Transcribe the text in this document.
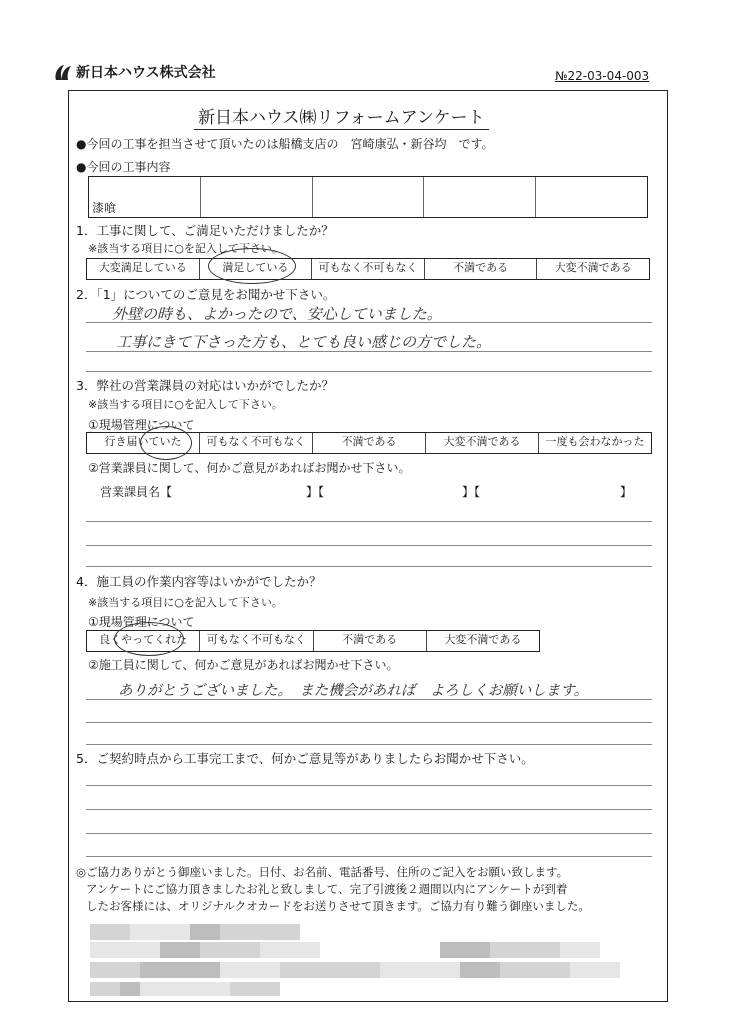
新日本ハウス株式会社	№22-03-04-003
新日本ハウス㈱リフォームアンケート
●今回の工事を担当させて頂いたのは船橋支店の　宮崎康弘・新谷均　です。
●今回の工事内容
漆喰
1．工事に関して、ご満足いただけましたか？
※該当する項目に○を記入して下さい。
大変満足している	満足している	可もなく不可もなく	不満である	大変不満である
2．「1」についてのご意見をお聞かせ下さい。
外壁の時も、よかったので、安心していました。
工事にきて下さった方も、とても良い感じの方でした。
3．弊社の営業課員の対応はいかがでしたか？
※該当する項目に○を記入して下さい。
①現場管理について
行き届いていた	可もなく不可もなく	不満である	大変不満である	一度も会わなかった
②営業課員に関して、何かご意見があればお聞かせ下さい。
営業課員名【	】【	】【	】
4．施工員の作業内容等はいかがでしたか？
※該当する項目に○を記入して下さい。
①現場管理について
良くやってくれた	可もなく不可もなく	不満である	大変不満である
②施工員に関して、何かご意見があればお聞かせ下さい。
ありがとうございました。　また機会があれば　よろしくお願いします。
5．ご契約時点から工事完工まで、何かご意見等がありましたらお聞かせ下さい。
◎ご協力ありがとう御座いました。日付、お名前、電話番号、住所のご記入をお願い致します。
アンケートにご協力頂きましたお礼と致しまして、完了引渡後２週間以内にアンケートが到着
したお客様には、オリジナルクオカードをお送りさせて頂きます。ご協力有り難う御座いました。
